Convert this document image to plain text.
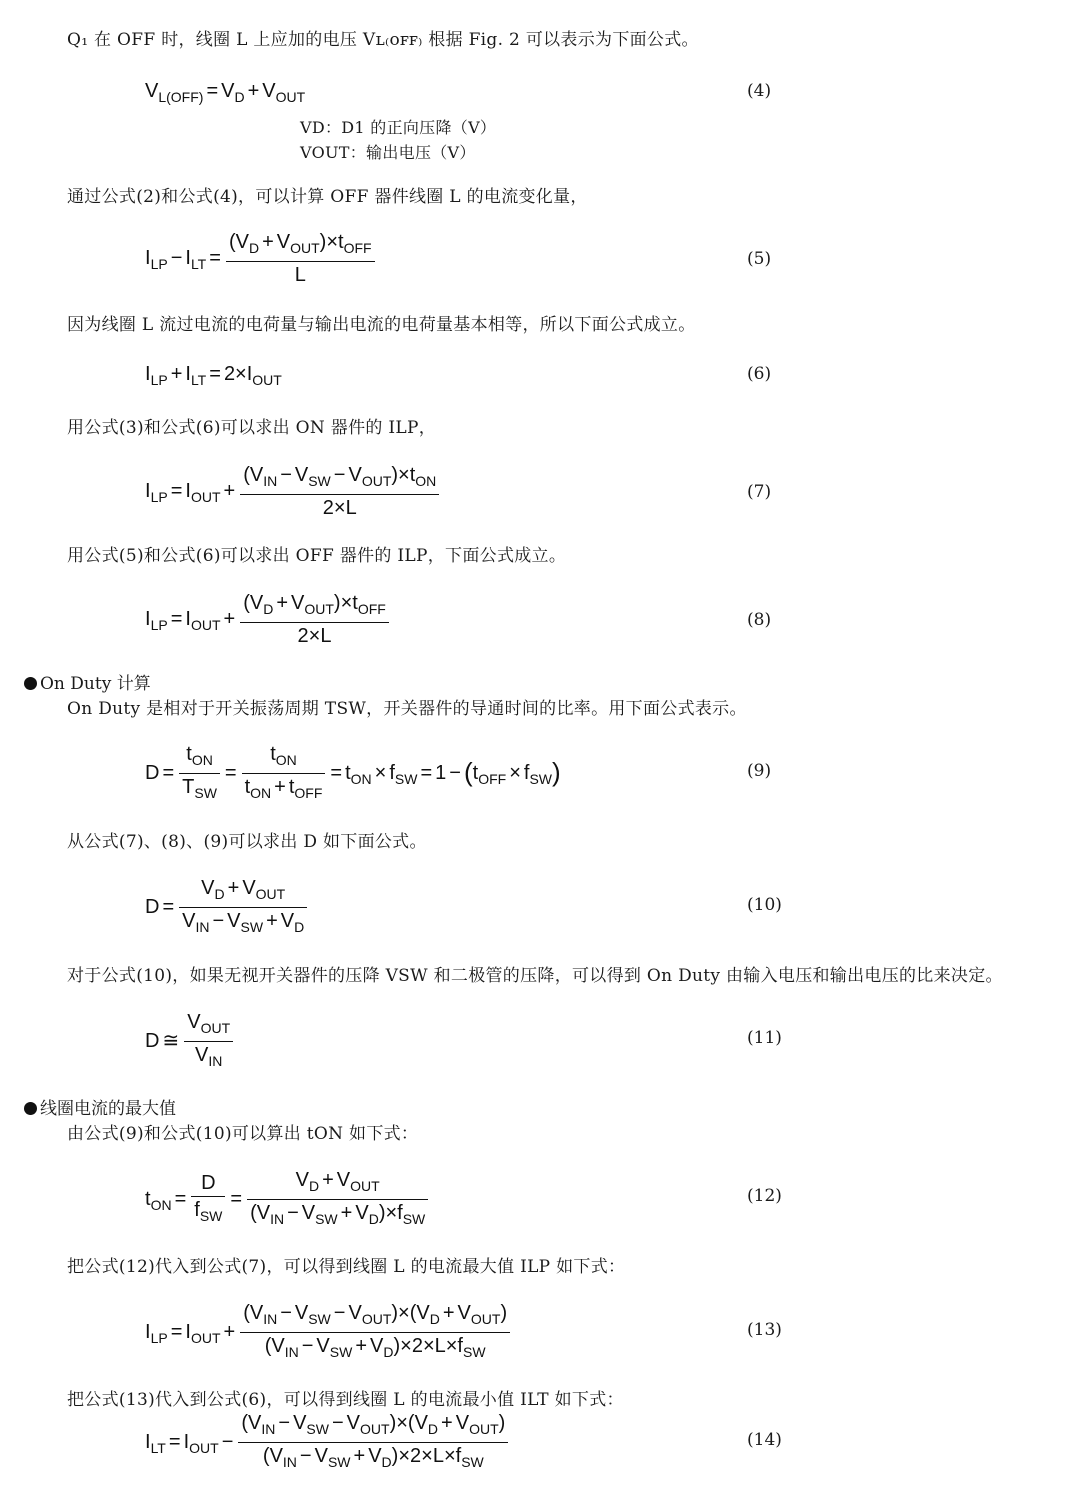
Q₁ 在 OFF 时，线圈 L 上应加的电压 Vʟ₍ᴏꜰꜰ₎ 根据 Fig. 2 可以表示为下面公式。
$V_{L(OFF)} = V_D + V_{OUT}$	(4)
VD：D1 的正向压降（V）
VOUT：输出电压（V）
通过公式(2)和公式(4)，可以计算 OFF 器件线圈 L 的电流变化量，
$I_{LP} - I_{LT} = \frac{(V_D + V_{OUT})\times t_{OFF}}{L}$	(5)
因为线圈 L 流过电流的电荷量与输出电流的电荷量基本相等，所以下面公式成立。
$I_{LP} + I_{LT} = 2\times I_{OUT}$	(6)
用公式(3)和公式(6)可以求出 ON 器件的 ILP，
$I_{LP} = I_{OUT} + \frac{(V_{IN} - V_{SW} - V_{OUT})\times t_{ON}}{2\times L}$	(7)
用公式(5)和公式(6)可以求出 OFF 器件的 ILP，下面公式成立。
$I_{LP} = I_{OUT} + \frac{(V_D + V_{OUT})\times t_{OFF}}{2\times L}$	(8)
On Duty 计算
On Duty 是相对于开关振荡周期 TSW，开关器件的导通时间的比率。用下面公式表示。
$D = \frac{t_{ON}}{T_{SW}} = \frac{t_{ON}}{t_{ON} + t_{OFF}} = t_{ON} \times f_{SW} = 1 - (t_{OFF} \times f_{SW})$	(9)
从公式(7)、(8)、(9)可以求出 D 如下面公式。
$D = \frac{V_D + V_{OUT}}{V_{IN} - V_{SW} + V_D}$	(10)
对于公式(10)，如果无视开关器件的压降 VSW 和二极管的压降，可以得到 On Duty 由输入电压和输出电压的比来决定。
D ≅ $\frac{V_{OUT}}{V_{IN}}$	(11)
线圈电流的最大值
由公式(9)和公式(10)可以算出 tON 如下式：
$t_{ON} = \frac{D}{f_{SW}} = \frac{V_D + V_{OUT}}{(V_{IN} - V_{SW} + V_D)\times f_{SW}}$	(12)
把公式(12)代入到公式(7)，可以得到线圈 L 的电流最大值 ILP 如下式：
$I_{LP} = I_{OUT} + \frac{(V_{IN} - V_{SW} - V_{OUT})\times(V_D + V_{OUT})}{(V_{IN} - V_{SW} + V_D)\times 2\times L\times f_{SW}}$	(13)
把公式(13)代入到公式(6)，可以得到线圈 L 的电流最小值 ILT 如下式：
$I_{LT} = I_{OUT} - \frac{(V_{IN} - V_{SW} - V_{OUT})\times(V_D + V_{OUT})}{(V_{IN} - V_{SW} + V_D)\times 2\times L\times f_{SW}}$	(14)
